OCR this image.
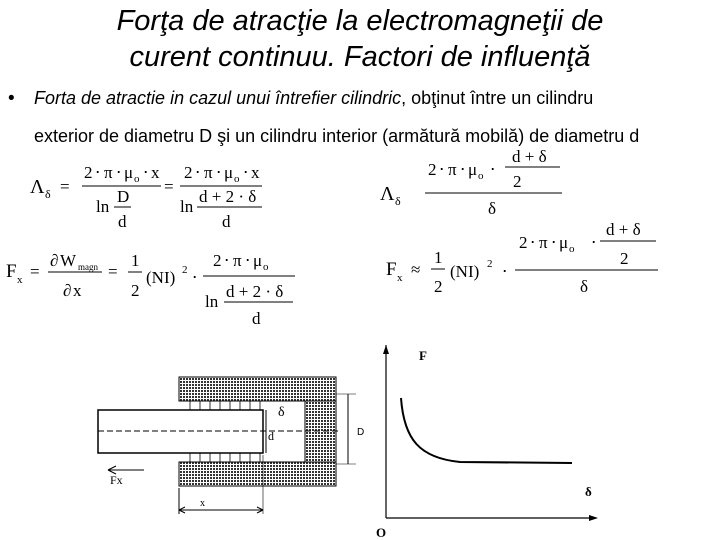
Forţa de atracţie la electromagneţii de
curent continuu. Factori de influenţă
• Forta de atractie in cazul unui întrefier cilindric, obţinut între un cilindru
exterior de diametru D şi un cilindru interior (armătură mobilă) de diametru d
Λ δ =
2 ⋅ π ⋅ μ o ⋅ x
ln
D
d
=
2 ⋅ π ⋅ μ o ⋅ x
ln
d + 2 · δ
d
Λ δ
2 ⋅ π ⋅ μ o ⋅
d + δ
2
δ
F x =
∂ W magn
∂ x
=
1
2
(NI) 2 ⋅
2 ⋅ π ⋅ μ o
ln
d + 2 · δ
d
F x ≈
1
2
(NI) 2 ⋅
2 ⋅ π ⋅ μ o ⋅
d + δ
2
δ
δ
d	D
Fx
x
F
δ
O
